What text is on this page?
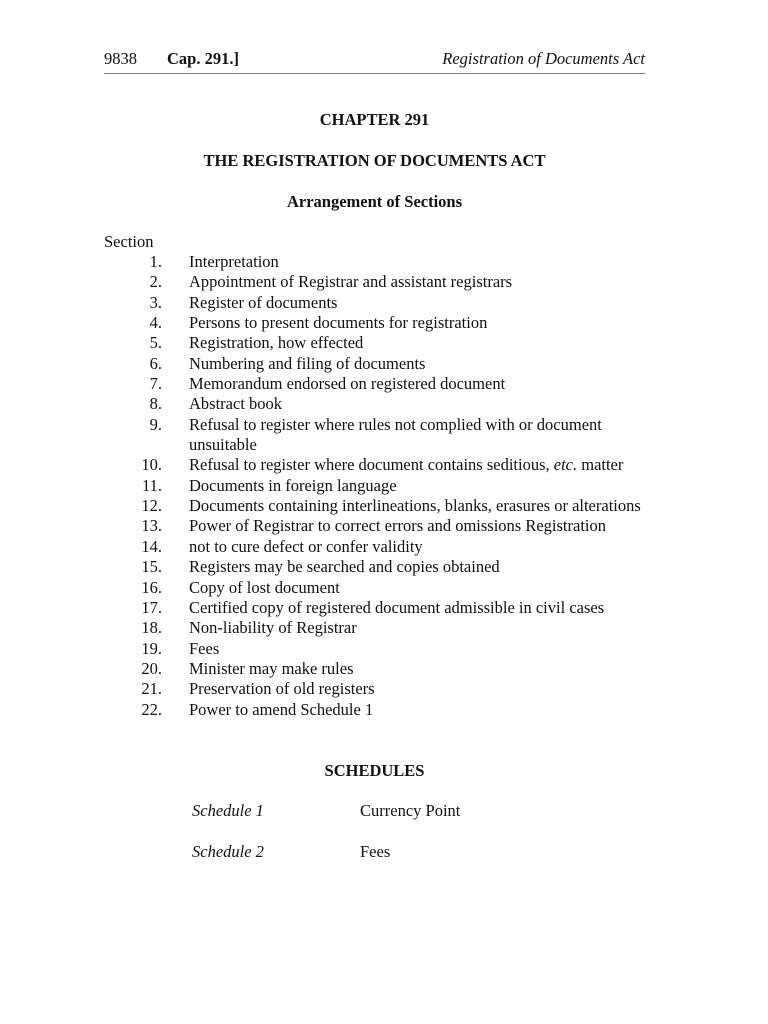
9838 Cap. 291.]	Registration of Documents Act
CHAPTER 291
THE REGISTRATION OF DOCUMENTS ACT
Arrangement of Sections
Section
1. Interpretation
2. Appointment of Registrar and assistant registrars
3. Register of documents
4. Persons to present documents for registration
5. Registration, how effected
6. Numbering and filing of documents
7. Memorandum endorsed on registered document
8. Abstract book
9. Refusal to register where rules not complied with or document unsuitable
10. Refusal to register where document contains seditious, etc. matter
11. Documents in foreign language
12. Documents containing interlineations, blanks, erasures or alterations
13. Power of Registrar to correct errors and omissions Registration
14. not to cure defect or confer validity
15. Registers may be searched and copies obtained
16. Copy of lost document
17. Certified copy of registered document admissible in civil cases
18. Non-liability of Registrar
19. Fees
20. Minister may make rules
21. Preservation of old registers
22. Power to amend Schedule 1
SCHEDULES
Schedule 1	Currency Point
Schedule 2	Fees
